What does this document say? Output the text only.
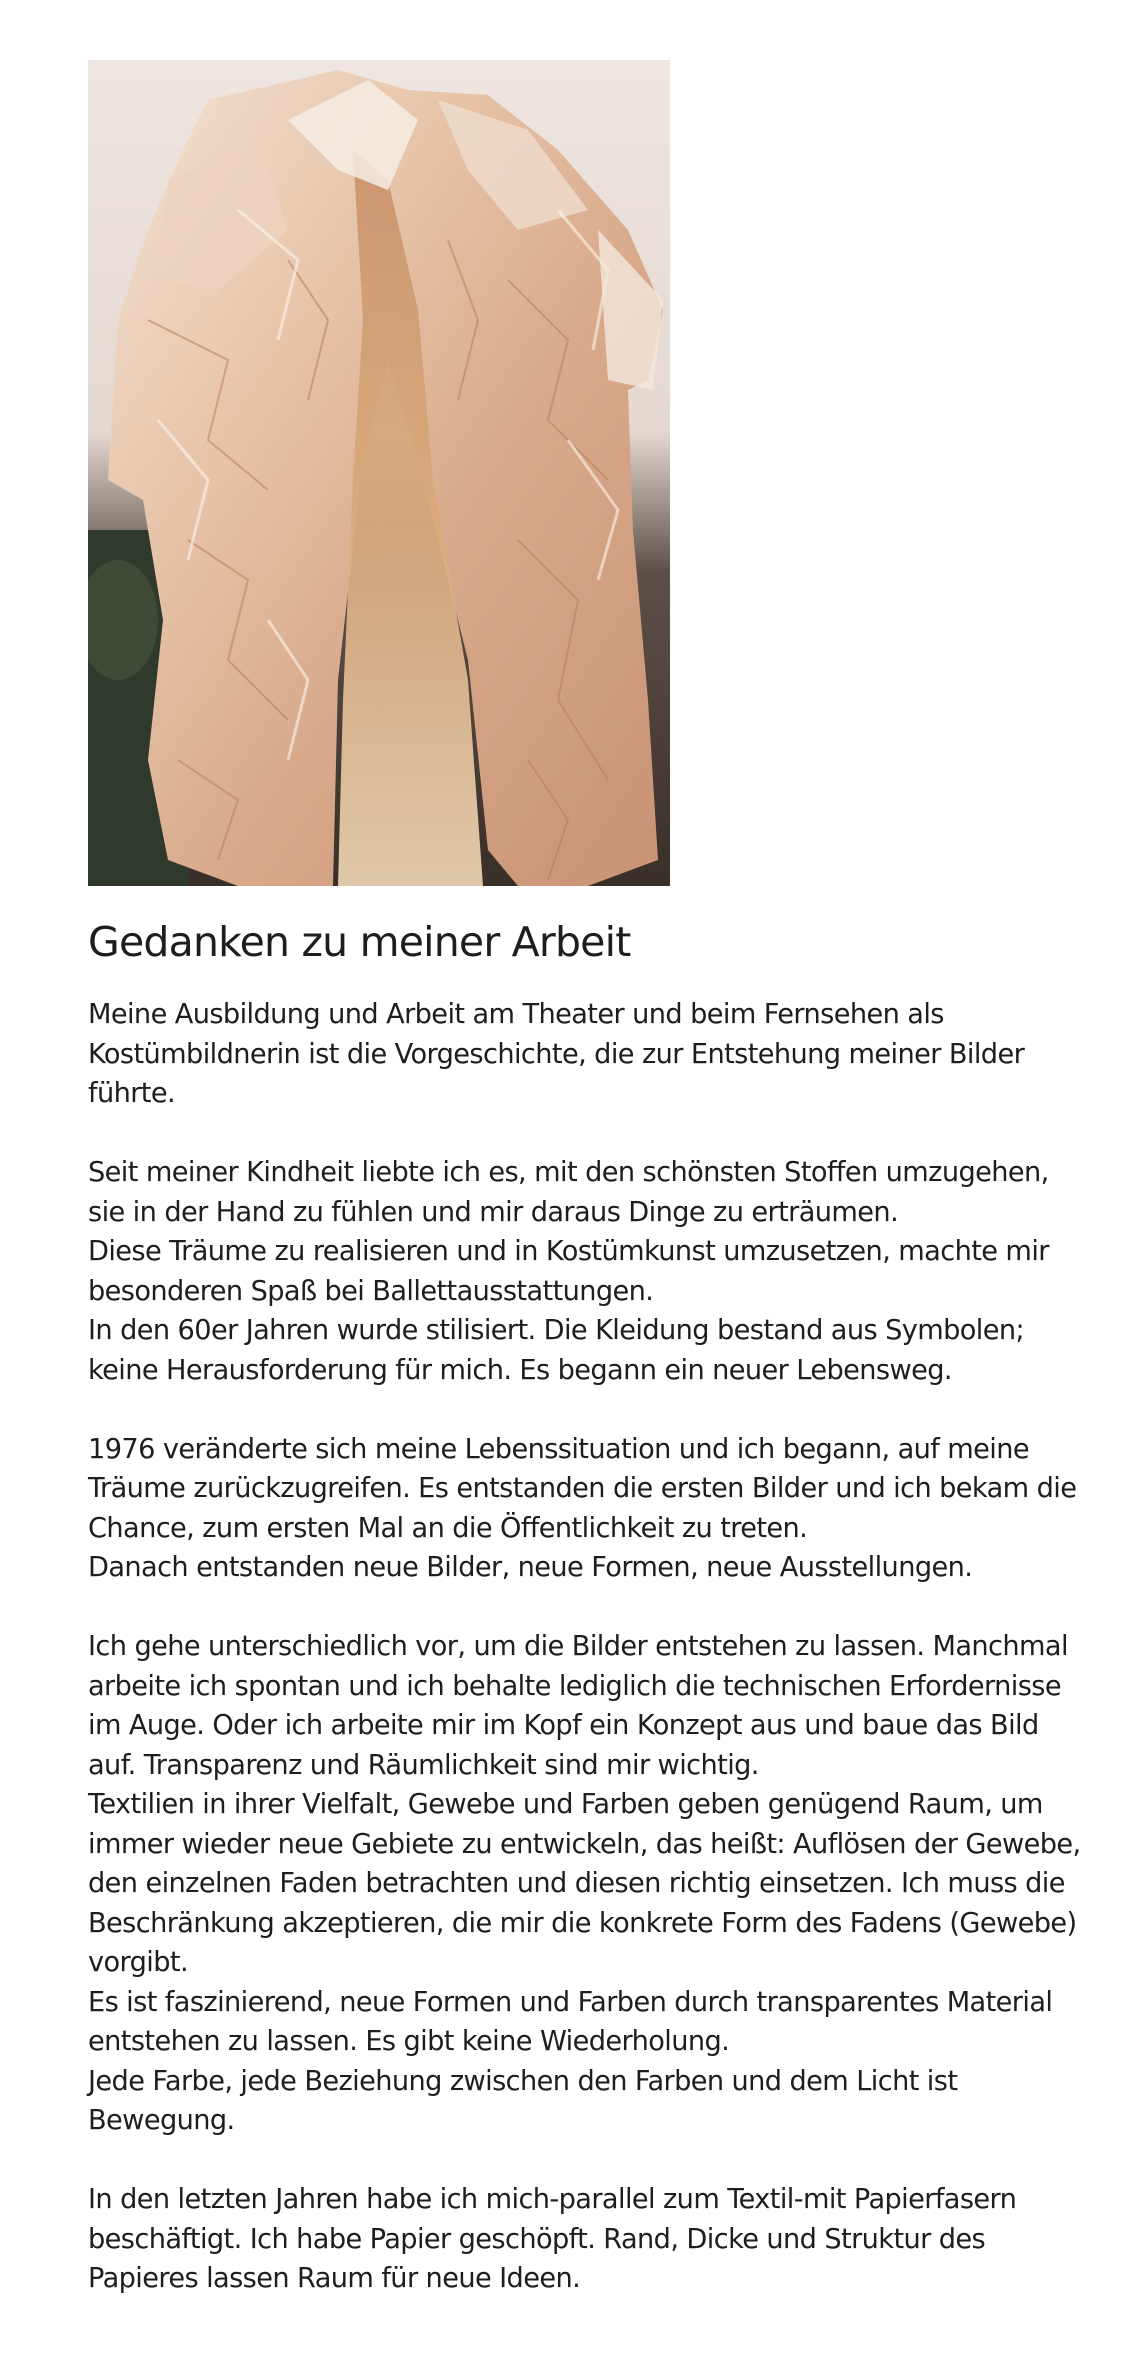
Gedanken zu meiner Arbeit

Meine Ausbildung und Arbeit am Theater und beim Fernsehen als
Kostümbildnerin ist die Vorgeschichte, die zur Entstehung meiner Bilder
führte.

Seit meiner Kindheit liebte ich es, mit den schönsten Stoffen umzugehen,
sie in der Hand zu fühlen und mir daraus Dinge zu erträumen.
Diese Träume zu realisieren und in Kostümkunst umzusetzen, machte mir
besonderen Spaß bei Ballettausstattungen.
In den 60er Jahren wurde stilisiert. Die Kleidung bestand aus Symbolen;
keine Herausforderung für mich. Es begann ein neuer Lebensweg.

1976 veränderte sich meine Lebenssituation und ich begann, auf meine
Träume zurückzugreifen. Es entstanden die ersten Bilder und ich bekam die
Chance, zum ersten Mal an die Öffentlichkeit zu treten.
Danach entstanden neue Bilder, neue Formen, neue Ausstellungen.

Ich gehe unterschiedlich vor, um die Bilder entstehen zu lassen. Manchmal
arbeite ich spontan und ich behalte lediglich die technischen Erfordernisse
im Auge. Oder ich arbeite mir im Kopf ein Konzept aus und baue das Bild
auf. Transparenz und Räumlichkeit sind mir wichtig.
Textilien in ihrer Vielfalt, Gewebe und Farben geben genügend Raum, um
immer wieder neue Gebiete zu entwickeln, das heißt: Auflösen der Gewebe,
den einzelnen Faden betrachten und diesen richtig einsetzen. Ich muss die
Beschränkung akzeptieren, die mir die konkrete Form des Fadens (Gewebe)
vorgibt.
Es ist faszinierend, neue Formen und Farben durch transparentes Material
entstehen zu lassen. Es gibt keine Wiederholung.
Jede Farbe, jede Beziehung zwischen den Farben und dem Licht ist
Bewegung.

In den letzten Jahren habe ich mich-parallel zum Textil-mit Papierfasern
beschäftigt. Ich habe Papier geschöpft. Rand, Dicke und Struktur des
Papieres lassen Raum für neue Ideen.
